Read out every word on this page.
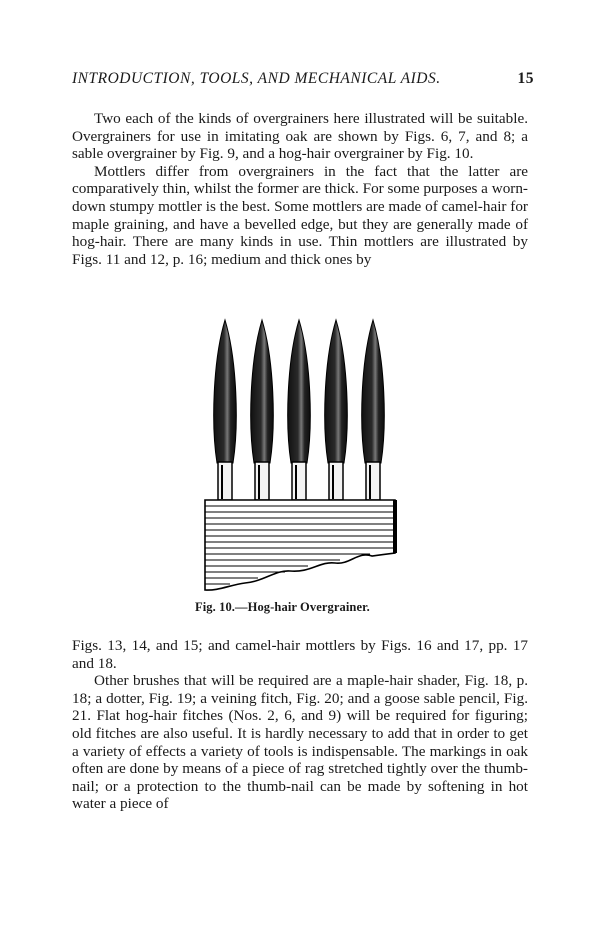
INTRODUCTION, TOOLS, AND MECHANICAL AIDS.	15

Two each of the kinds of overgrainers here illustrated will be suitable. Overgrainers for use in imitating oak are shown by Figs. 6, 7, and 8; a sable overgrainer by Fig. 9, and a hog-hair overgrainer by Fig. 10.

Mottlers differ from overgrainers in the fact that the latter are comparatively thin, whilst the former are thick. For some purposes a worn-down stumpy mottler is the best. Some mottlers are made of camel-hair for maple graining, and have a bevelled edge, but they are generally made of hog-hair. There are many kinds in use. Thin mottlers are illustrated by Figs. 11 and 12, p. 16; medium and thick ones by

Fig. 10.—Hog-hair Overgrainer.

Figs. 13, 14, and 15; and camel-hair mottlers by Figs. 16 and 17, pp. 17 and 18.

Other brushes that will be required are a maple-hair shader, Fig. 18, p. 18; a dotter, Fig. 19; a veining fitch, Fig. 20; and a goose sable pencil, Fig. 21. Flat hog-hair fitches (Nos. 2, 6, and 9) will be required for figuring; old fitches are also useful. It is hardly necessary to add that in order to get a variety of effects a variety of tools is indispensable. The markings in oak often are done by means of a piece of rag stretched tightly over the thumb-nail; or a protection to the thumb-nail can be made by softening in hot water a piece of
